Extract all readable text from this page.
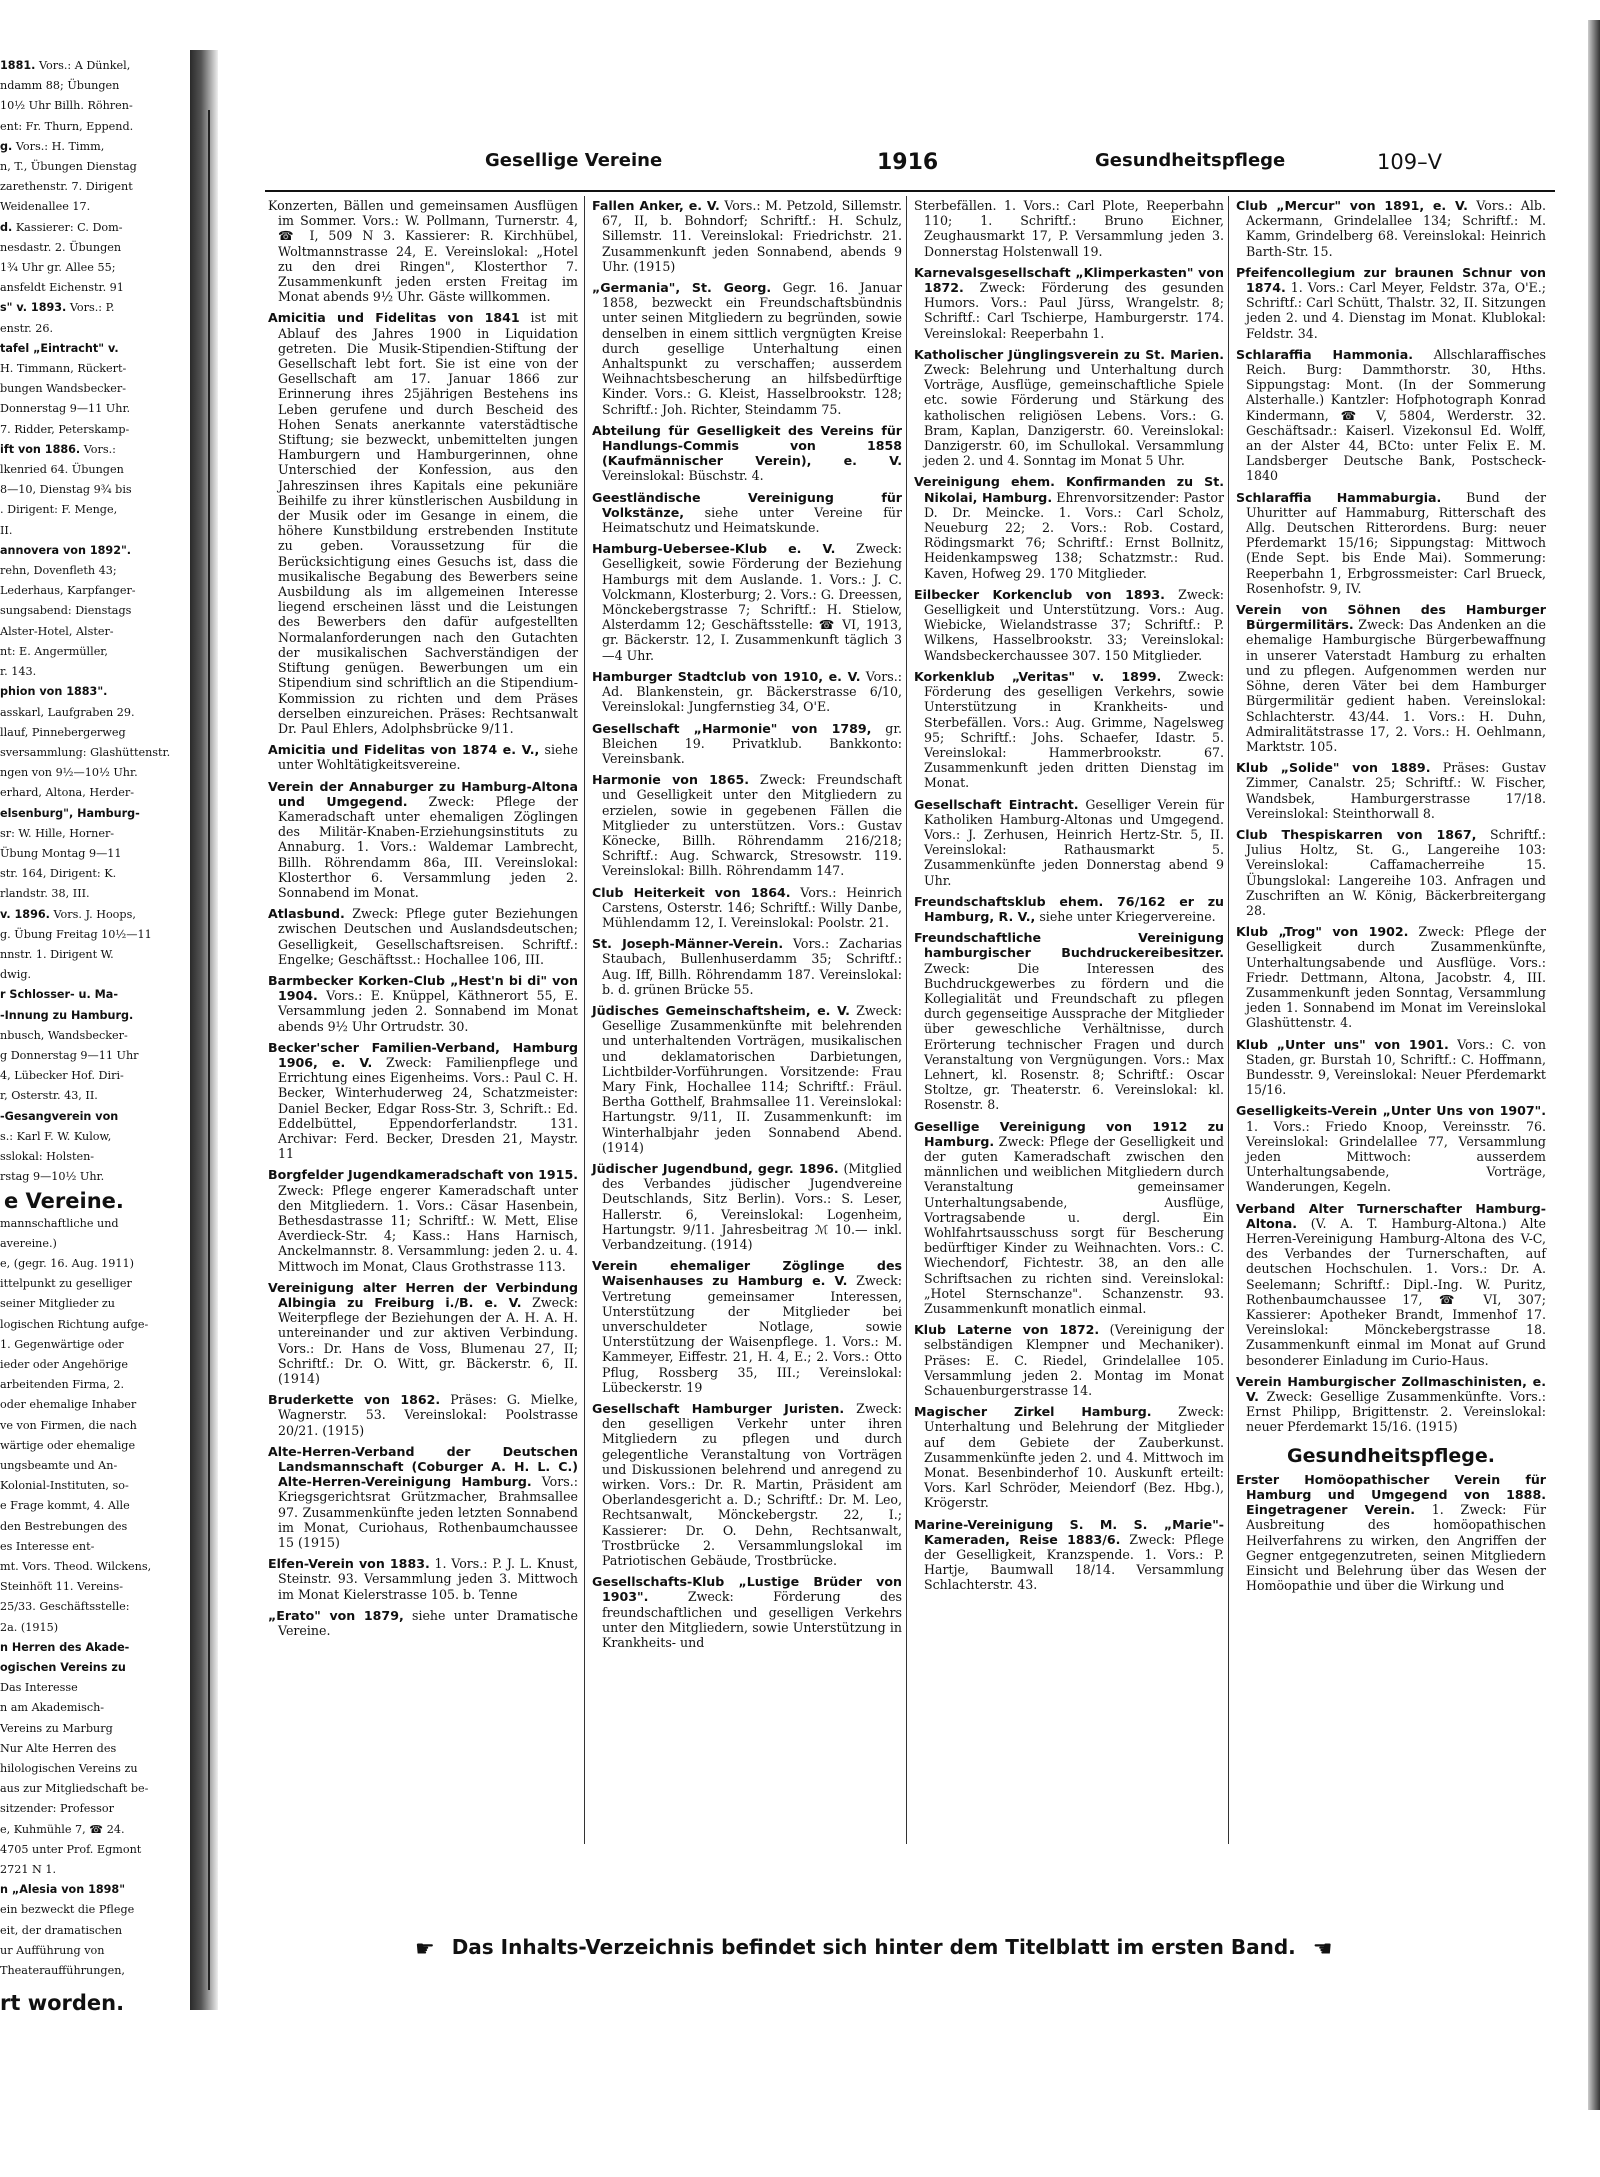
1881. Vors.: A Dünkel,
ndamm 88; Übungen
10½ Uhr Billh. Röhren-
ent: Fr. Thurn, Eppend.
g. Vors.: H. Timm,
n, T., Übungen Dienstag
zarethenstr. 7. Dirigent
Weidenallee 17.
d. Kassierer: C. Dom-
nesdastr. 2. Übungen
1¾ Uhr gr. Allee 55;
ansfeldt Eichenstr. 91
s" v. 1893. Vors.: P.
enstr. 26.
tafel „Eintracht" v.
H. Timmann, Rückert-
bungen Wandsbecker-
Donnerstag 9—11 Uhr.
7. Ridder, Peterskamp-
ift von 1886. Vors.:
lkenried 64. Übungen
8—10, Dienstag 9¾ bis
. Dirigent: F. Menge,
II.
annovera von 1892".
rehn, Dovenfleth 43;
Lederhaus, Karpfanger-
sungsabend: Dienstags
Alster-Hotel, Alster-
nt: E. Angermüller,
r. 143.
phion von 1883".
asskarl, Laufgraben 29.
llauf, Pinnebergerweg
sversammlung: Glashüttenstr.
ngen von 9½—10½ Uhr.
erhard, Altona, Herder-
elsenburg", Hamburg-
sr: W. Hille, Horner-
Übung Montag 9—11
str. 164, Dirigent: K.
rlandstr. 38, III.
v. 1896. Vors. J. Hoops,
g. Übung Freitag 10½—11
nnstr. 1. Dirigent W.
dwig.
r Schlosser- u. Ma-
-Innung zu Hamburg.
nbusch, Wandsbecker-
g Donnerstag 9—11 Uhr
4, Lübecker Hof. Diri-
r, Osterstr. 43, II.
-Gesangverein von
s.: Karl F. W. Kulow,
sslokal: Holsten-
rstag 9—10½ Uhr.
e Vereine.
mannschaftliche und
avereine.)
e, (gegr. 16. Aug. 1911)
ittelpunkt zu geselliger
seiner Mitglieder zu
logischen Richtung aufge-
1. Gegenwärtige oder
ieder oder Angehörige
arbeitenden Firma, 2.
oder ehemalige Inhaber
ve von Firmen, die nach
wärtige oder ehemalige
ungsbeamte und An-
Kolonial-Instituten, so-
e Frage kommt, 4. Alle
den Bestrebungen des
es Interesse ent-
mt. Vors. Theod. Wilckens,
Steinhöft 11. Vereins-
25/33. Geschäftsstelle:
2a. (1915)
n Herren des Akade-
ogischen Vereins zu
Das Interesse
n am Akademisch-
Vereins zu Marburg
Nur Alte Herren des
hilologischen Vereins zu
aus zur Mitgliedschaft be-
sitzender: Professor
e, Kuhmühle 7, ☎ 24.
4705 unter Prof. Egmont
2721 N 1.
n „Alesia von 1898"
ein bezweckt die Pflege
eit, der dramatischen
ur Aufführung von
Theateraufführungen,
rt worden.
Gesellige Vereine	1916	Gesundheitspflege	109–V

Konzerten, Bällen und gemeinsamen Ausflügen im Sommer. Vors.: W. Pollmann, Turnerstr. 4, ☎ I, 509 N 3. Kassierer: R. Kirchhübel, Woltmannstrasse 24, E. Vereinslokal: „Hotel zu den drei Ringen", Klosterthor 7. Zusammenkunft jeden ersten Freitag im Monat abends 9½ Uhr. Gäste willkommen.

Amicitia und Fidelitas von 1841 ist mit Ablauf des Jahres 1900 in Liquidation getreten. Die Musik-Stipendien-Stiftung der Gesellschaft lebt fort. Sie ist eine von der Gesellschaft am 17. Januar 1866 zur Erinnerung ihres 25jährigen Bestehens ins Leben gerufene und durch Bescheid des Hohen Senats anerkannte vaterstädtische Stiftung; sie bezweckt, unbemittelten jungen Hamburgern und Hamburgerinnen, ohne Unterschied der Konfession, aus den Jahreszinsen ihres Kapitals eine pekuniäre Beihilfe zu ihrer künstlerischen Ausbildung in der Musik oder im Gesange in einem, die höhere Kunstbildung erstrebenden Institute zu geben. Voraussetzung für die Berücksichtigung eines Gesuchs ist, dass die musikalische Begabung des Bewerbers seine Ausbildung als im allgemeinen Interesse liegend erscheinen lässt und die Leistungen des Bewerbers den dafür aufgestellten Normalanforderungen nach den Gutachten der musikalischen Sachverständigen der Stiftung genügen. Bewerbungen um ein Stipendium sind schriftlich an die Stipendium-Kommission zu richten und dem Präses derselben einzureichen. Präses: Rechtsanwalt Dr. Paul Ehlers, Adolphsbrücke 9/11.

Amicitia und Fidelitas von 1874 e. V., siehe unter Wohltätigkeitsvereine.

Verein der Annaburger zu Hamburg-Altona und Umgegend. Zweck: Pflege der Kameradschaft unter ehemaligen Zöglingen des Militär-Knaben-Erziehungsinstituts zu Annaburg. 1. Vors.: Waldemar Lambrecht, Billh. Röhrendamm 86a, III. Vereinslokal: Klosterthor 6. Versammlung jeden 2. Sonnabend im Monat.

Atlasbund. Zweck: Pflege guter Beziehungen zwischen Deutschen und Auslandsdeutschen; Geselligkeit, Gesellschaftsreisen. Schriftf.: Engelke; Geschäftsst.: Hochallee 106, III.

Barmbecker Korken-Club „Hest'n bi di" von 1904. Vors.: E. Knüppel, Käthnerort 55, E. Versammlung jeden 2. Sonnabend im Monat abends 9½ Uhr Ortrudstr. 30.

Becker'scher Familien-Verband, Hamburg 1906, e. V. Zweck: Familienpflege und Errichtung eines Eigenheims. Vors.: Paul C. H. Becker, Winterhuderweg 24, Schatzmeister: Daniel Becker, Edgar Ross-Str. 3, Schrift.: Ed. Eddelbüttel, Eppendorferlandstr. 131. Archivar: Ferd. Becker, Dresden 21, Maystr. 11

Borgfelder Jugendkameradschaft von 1915. Zweck: Pflege engerer Kameradschaft unter den Mitgliedern. 1. Vors.: Cäsar Hasenbein, Bethesdastrasse 11; Schriftf.: W. Mett, Elise Averdieck-Str. 4; Kass.: Hans Harnisch, Anckelmannstr. 8. Versammlung: jeden 2. u. 4. Mittwoch im Monat, Claus Grothstrasse 113.

Vereinigung alter Herren der Verbindung Albingia zu Freiburg i./B. e. V. Zweck: Weiterpflege der Beziehungen der A. H. A. H. untereinander und zur aktiven Verbindung. Vors.: Dr. Hans de Voss, Blumenau 27, II; Schriftf.: Dr. O. Witt, gr. Bäckerstr. 6, II. (1914)

Bruderkette von 1862. Präses: G. Mielke, Wagnerstr. 53. Vereinslokal: Poolstrasse 20/21. (1915)

Alte-Herren-Verband der Deutschen Landsmannschaft (Coburger A. H. L. C.) Alte-Herren-Vereinigung Hamburg. Vors.: Kriegsgerichtsrat Grützmacher, Brahmsallee 97. Zusammenkünfte jeden letzten Sonnabend im Monat, Curiohaus, Rothenbaumchaussee 15 (1915)

Elfen-Verein von 1883. 1. Vors.: P. J. L. Knust, Steinstr. 93. Versammlung jeden 3. Mittwoch im Monat Kielerstrasse 105. b. Tenne

„Erato" von 1879, siehe unter Dramatische Vereine.

Fallen Anker, e. V. Vors.: M. Petzold, Sillemstr. 67, II, b. Bohndorf; Schriftf.: H. Schulz, Sillemstr. 11. Vereinslokal: Friedrichstr. 21. Zusammenkunft jeden Sonnabend, abends 9 Uhr. (1915)

„Germania", St. Georg. Gegr. 16. Januar 1858, bezweckt ein Freundschaftsbündnis unter seinen Mitgliedern zu begründen, sowie denselben in einem sittlich vergnügten Kreise durch gesellige Unterhaltung einen Anhaltspunkt zu verschaffen; ausserdem Weihnachtsbescherung an hilfsbedürftige Kinder. Vors.: G. Kleist, Hasselbrookstr. 128; Schriftf.: Joh. Richter, Steindamm 75.

Abteilung für Geselligkeit des Vereins für Handlungs-Commis von 1858 (Kaufmännischer Verein), e. V. Vereinslokal: Büschstr. 4.

Geestländische Vereinigung für Volkstänze, siehe unter Vereine für Heimatschutz und Heimatskunde.

Hamburg-Uebersee-Klub e. V. Zweck: Geselligkeit, sowie Förderung der Beziehung Hamburgs mit dem Auslande. 1. Vors.: J. C. Volckmann, Klosterburg; 2. Vors.: G. Dreessen, Mönckebergstrasse 7; Schriftf.: H. Stielow, Alsterdamm 12; Geschäftsstelle: ☎ VI, 1913, gr. Bäckerstr. 12, I. Zusammenkunft täglich 3—4 Uhr.

Hamburger Stadtclub von 1910, e. V. Vors.: Ad. Blankenstein, gr. Bäckerstrasse 6/10, Vereinslokal: Jungfernstieg 34, O'E.

Gesellschaft „Harmonie" von 1789, gr. Bleichen 19. Privatklub. Bankkonto: Vereinsbank.

Harmonie von 1865. Zweck: Freundschaft und Geselligkeit unter den Mitgliedern zu erzielen, sowie in gegebenen Fällen die Mitglieder zu unterstützen. Vors.: Gustav Könecke, Billh. Röhrendamm 216/218; Schriftf.: Aug. Schwarck, Stresowstr. 119. Vereinslokal: Billh. Röhrendamm 147.

Club Heiterkeit von 1864. Vors.: Heinrich Carstens, Osterstr. 146; Schriftf.: Willy Danbe, Mühlendamm 12, I. Vereinslokal: Poolstr. 21.

St. Joseph-Männer-Verein. Vors.: Zacharias Staubach, Bullenhuserdamm 35; Schriftf.: Aug. Iff, Billh. Röhrendamm 187. Vereinslokal: b. d. grünen Brücke 55.

Jüdisches Gemeinschaftsheim, e. V. Zweck: Gesellige Zusammenkünfte mit belehrenden und unterhaltenden Vorträgen, musikalischen und deklamatorischen Darbietungen, Lichtbilder-Vorführungen. Vorsitzende: Frau Mary Fink, Hochallee 114; Schriftf.: Fräul. Bertha Gotthelf, Brahmsallee 11. Vereinslokal: Hartungstr. 9/11, II. Zusammenkunft: im Winterhalbjahr jeden Sonnabend Abend. (1914)

Jüdischer Jugendbund, gegr. 1896. (Mitglied des Verbandes jüdischer Jugendvereine Deutschlands, Sitz Berlin). Vors.: S. Leser, Hallerstr. 6, Vereinslokal: Logenheim, Hartungstr. 9/11. Jahresbeitrag ℳ 10.— inkl. Verbandzeitung. (1914)

Verein ehemaliger Zöglinge des Waisenhauses zu Hamburg e. V. Zweck: Vertretung gemeinsamer Interessen, Unterstützung der Mitglieder bei unverschuldeter Notlage, sowie Unterstützung der Waisenpflege. 1. Vors.: M. Kammeyer, Eiffestr. 21, H. 4, E.; 2. Vors.: Otto Pflug, Rossberg 35, III.; Vereinslokal: Lübeckerstr. 19

Gesellschaft Hamburger Juristen. Zweck: den geselligen Verkehr unter ihren Mitgliedern zu pflegen und durch gelegentliche Veranstaltung von Vorträgen und Diskussionen belehrend und anregend zu wirken. Vors.: Dr. R. Martin, Präsident am Oberlandesgericht a. D.; Schriftf.: Dr. M. Leo, Rechtsanwalt, Mönckebergstr. 22, I.; Kassierer: Dr. O. Dehn, Rechtsanwalt, Trostbrücke 2. Versammlungslokal im Patriotischen Gebäude, Trostbrücke.

Gesellschafts-Klub „Lustige Brüder von 1903". Zweck: Förderung des freundschaftlichen und geselligen Verkehrs unter den Mitgliedern, sowie Unterstützung in Krankheits- und

Sterbefällen. 1. Vors.: Carl Plote, Reeperbahn 110; 1. Schriftf.: Bruno Eichner, Zeughausmarkt 17, P. Versammlung jeden 3. Donnerstag Holstenwall 19.

Karnevalsgesellschaft „Klimperkasten" von 1872. Zweck: Förderung des gesunden Humors. Vors.: Paul Jürss, Wrangelstr. 8; Schriftf.: Carl Tschierpe, Hamburgerstr. 174. Vereinslokal: Reeperbahn 1.

Katholischer Jünglingsverein zu St. Marien. Zweck: Belehrung und Unterhaltung durch Vorträge, Ausflüge, gemeinschaftliche Spiele etc. sowie Förderung und Stärkung des katholischen religiösen Lebens. Vors.: G. Bram, Kaplan, Danzigerstr. 60. Vereinslokal: Danzigerstr. 60, im Schullokal. Versammlung jeden 2. und 4. Sonntag im Monat 5 Uhr.

Vereinigung ehem. Konfirmanden zu St. Nikolai, Hamburg. Ehrenvorsitzender: Pastor D. Dr. Meincke. 1. Vors.: Carl Scholz, Neueburg 22; 2. Vors.: Rob. Costard, Rödingsmarkt 76; Schriftf.: Ernst Bollnitz, Heidenkampsweg 138; Schatzmstr.: Rud. Kaven, Hofweg 29. 170 Mitglieder.

Eilbecker Korkenclub von 1893. Zweck: Geselligkeit und Unterstützung. Vors.: Aug. Wiebicke, Wielandstrasse 37; Schriftf.: P. Wilkens, Hasselbrookstr. 33; Vereinslokal: Wandsbeckerchaussee 307. 150 Mitglieder.

Korkenklub „Veritas" v. 1899. Zweck: Förderung des geselligen Verkehrs, sowie Unterstützung in Krankheits- und Sterbefällen. Vors.: Aug. Grimme, Nagelsweg 95; Schriftf.: Johs. Schaefer, Idastr. 5. Vereinslokal: Hammerbrookstr. 67. Zusammenkunft jeden dritten Dienstag im Monat.

Gesellschaft Eintracht. Geselliger Verein für Katholiken Hamburg-Altonas und Umgegend. Vors.: J. Zerhusen, Heinrich Hertz-Str. 5, II. Vereinslokal: Rathausmarkt 5. Zusammenkünfte jeden Donnerstag abend 9 Uhr.

Freundschaftsklub ehem. 76/162 er zu Hamburg, R. V., siehe unter Kriegervereine.

Freundschaftliche Vereinigung hamburgischer Buchdruckereibesitzer. Zweck: Die Interessen des Buchdruckgewerbes zu fördern und die Kollegialität und Freundschaft zu pflegen durch gegenseitige Aussprache der Mitglieder über geweschliche Verhältnisse, durch Erörterung technischer Fragen und durch Veranstaltung von Vergnügungen. Vors.: Max Lehnert, kl. Rosenstr. 8; Schriftf.: Oscar Stoltze, gr. Theaterstr. 6. Vereinslokal: kl. Rosenstr. 8.

Gesellige Vereinigung von 1912 zu Hamburg. Zweck: Pflege der Geselligkeit und der guten Kameradschaft zwischen den männlichen und weiblichen Mitgliedern durch Veranstaltung gemeinsamer Unterhaltungsabende, Ausflüge, Vortragsabende u. dergl. Ein Wohlfahrtsausschuss sorgt für Bescherung bedürftiger Kinder zu Weihnachten. Vors.: C. Wiechendorf, Fichtestr. 38, an den alle Schriftsachen zu richten sind. Vereinslokal: „Hotel Sternschanze". Schanzenstr. 93. Zusammenkunft monatlich einmal.

Klub Laterne von 1872. (Vereinigung der selbständigen Klempner und Mechaniker). Präses: E. C. Riedel, Grindelallee 105. Versammlung jeden 2. Montag im Monat Schauenburgerstrasse 14.

Magischer Zirkel Hamburg. Zweck: Unterhaltung und Belehrung der Mitglieder auf dem Gebiete der Zauberkunst. Zusammenkünfte jeden 2. und 4. Mittwoch im Monat. Besenbinderhof 10. Auskunft erteilt: Vors. Karl Schröder, Meiendorf (Bez. Hbg.), Krögerstr.

Marine-Vereinigung S. M. S. „Marie"-Kameraden, Reise 1883/6. Zweck: Pflege der Geselligkeit, Kranzspende. 1. Vors.: P. Hartje, Baumwall 18/14. Versammlung Schlachterstr. 43.

Club „Mercur" von 1891, e. V. Vors.: Alb. Ackermann, Grindelallee 134; Schriftf.: M. Kamm, Grindelberg 68. Vereinslokal: Heinrich Barth-Str. 15.

Pfeifencollegium zur braunen Schnur von 1874. 1. Vors.: Carl Meyer, Feldstr. 37a, O'E.; Schriftf.: Carl Schütt, Thalstr. 32, II. Sitzungen jeden 2. und 4. Dienstag im Monat. Klublokal: Feldstr. 34.

Schlaraffia Hammonia. Allschlaraffisches Reich. Burg: Dammthorstr. 30, Hths. Sippungstag: Mont. (In der Sommerung Alsterhalle.) Kantzler: Hofphotograph Konrad Kindermann, ☎ V, 5804, Werderstr. 32. Geschäftsadr.: Kaiserl. Vizekonsul Ed. Wolff, an der Alster 44, BCto: unter Felix E. M. Landsberger Deutsche Bank, Postscheck- 1840

Schlaraffia Hammaburgia. Bund der Uhuritter auf Hammaburg, Ritterschaft des Allg. Deutschen Ritterordens. Burg: neuer Pferdemarkt 15/16; Sippungstag: Mittwoch (Ende Sept. bis Ende Mai). Sommerung: Reeperbahn 1, Erbgrossmeister: Carl Brueck, Rosenhofstr. 9, IV.

Verein von Söhnen des Hamburger Bürgermilitärs. Zweck: Das Andenken an die ehemalige Hamburgische Bürgerbewaffnung in unserer Vaterstadt Hamburg zu erhalten und zu pflegen. Aufgenommen werden nur Söhne, deren Väter bei dem Hamburger Bürgermilitär gedient haben. Vereinslokal: Schlachterstr. 43/44. 1. Vors.: H. Duhn, Admiralitätstrasse 17, 2. Vors.: H. Oehlmann, Marktstr. 105.

Klub „Solide" von 1889. Präses: Gustav Zimmer, Canalstr. 25; Schriftf.: W. Fischer, Wandsbek, Hamburgerstrasse 17/18. Vereinslokal: Steinthorwall 8.

Club Thespiskarren von 1867, Schriftf.: Julius Holtz, St. G., Langereihe 103: Vereinslokal: Caffamacherreihe 15. Übungslokal: Langereihe 103. Anfragen und Zuschriften an W. König, Bäckerbreitergang 28.

Klub „Trog" von 1902. Zweck: Pflege der Geselligkeit durch Zusammenkünfte, Unterhaltungsabende und Ausflüge. Vors.: Friedr. Dettmann, Altona, Jacobstr. 4, III. Zusammenkunft jeden Sonntag, Versammlung jeden 1. Sonnabend im Monat im Vereinslokal Glashüttenstr. 4.

Klub „Unter uns" von 1901. Vors.: C. von Staden, gr. Burstah 10, Schriftf.: C. Hoffmann, Bundesstr. 9, Vereinslokal: Neuer Pferdemarkt 15/16.

Geselligkeits-Verein „Unter Uns von 1907". 1. Vors.: Friedo Knoop, Vereinsstr. 76. Vereinslokal: Grindelallee 77, Versammlung jeden Mittwoch: ausserdem Unterhaltungsabende, Vorträge, Wanderungen, Kegeln.

Verband Alter Turnerschafter Hamburg-Altona. (V. A. T. Hamburg-Altona.) Alte Herren-Vereinigung Hamburg-Altona des V-C, des Verbandes der Turnerschaften, auf deutschen Hochschulen. 1. Vors.: Dr. A. Seelemann; Schriftf.: Dipl.-Ing. W. Puritz, Rothenbaumchaussee 17, ☎ VI, 307; Kassierer: Apotheker Brandt, Immenhof 17. Vereinslokal: Mönckebergstrasse 18. Zusammenkunft einmal im Monat auf Grund besonderer Einladung im Curio-Haus.

Verein Hamburgischer Zollmaschinisten, e. V. Zweck: Gesellige Zusammenkünfte. Vors.: Ernst Philipp, Brigittenstr. 2. Vereinslokal: neuer Pferdemarkt 15/16. (1915)

Gesundheitspflege.

Erster Homöopathischer Verein für Hamburg und Umgegend von 1888. Eingetragener Verein. 1. Zweck: Für Ausbreitung des homöopathischen Heilverfahrens zu wirken, den Angriffen der Gegner entgegenzutreten, seinen Mitgliedern Einsicht und Belehrung über das Wesen der Homöopathie und über die Wirkung und

☛ Das Inhalts-Verzeichnis befindet sich hinter dem Titelblatt im ersten Band. ☚
